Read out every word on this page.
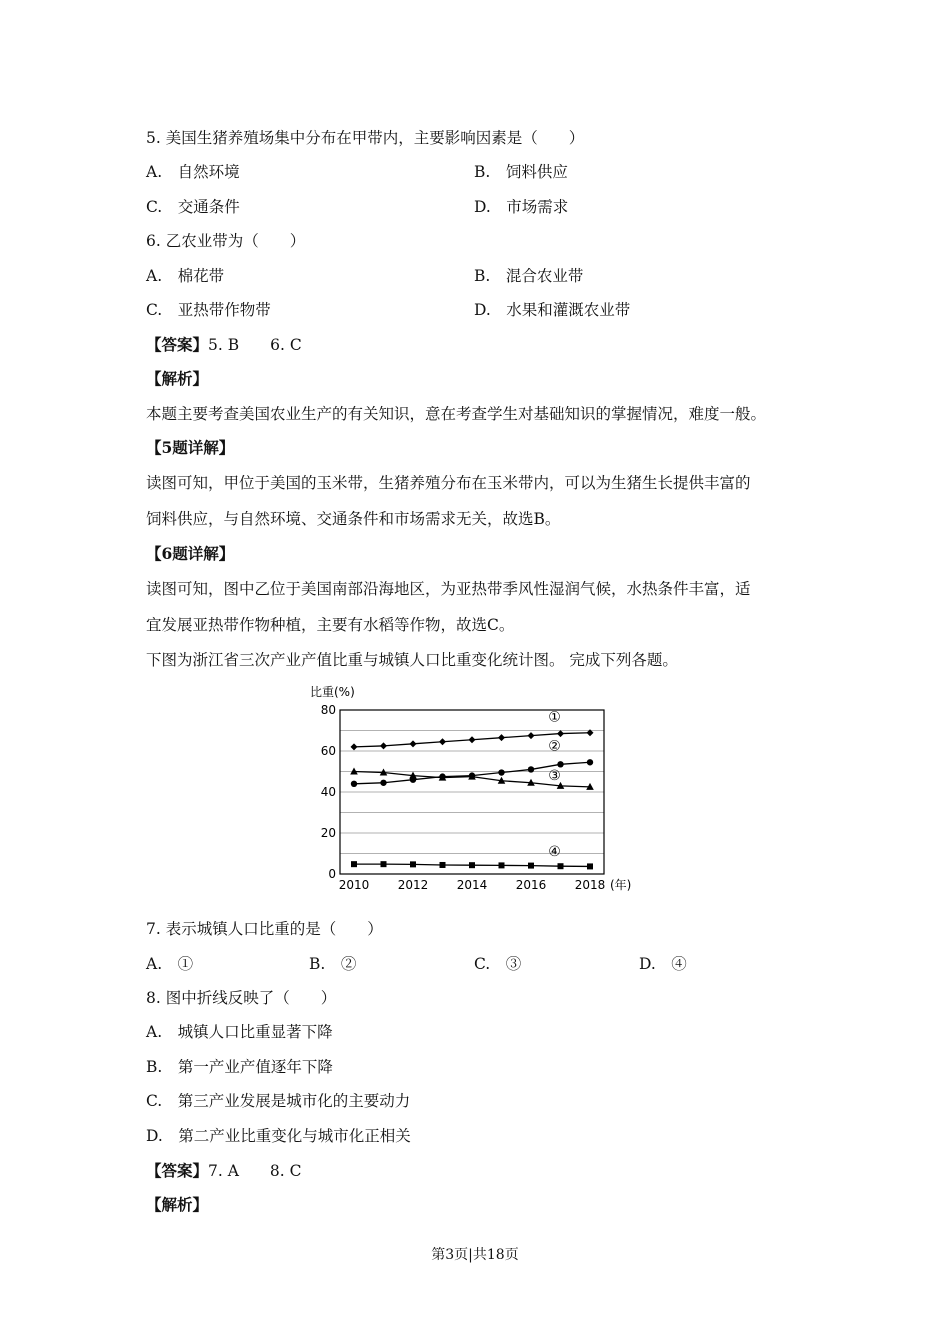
5. 美国生猪养殖场集中分布在甲带内，主要影响因素是（　　）
A.　自然环境	B.　饲料供应
C.　交通条件	D.　市场需求
6. 乙农业带为（　　）
A.　棉花带	B.　混合农业带
C.　亚热带作物带	D.　水果和灌溉农业带
【答案】5. B　　6. C
【解析】
本题主要考查美国农业生产的有关知识，意在考查学生对基础知识的掌握情况，难度一般。
【5题详解】
读图可知，甲位于美国的玉米带，生猪养殖分布在玉米带内，可以为生猪生长提供丰富的
饲料供应，与自然环境、交通条件和市场需求无关，故选B。
【6题详解】
读图可知，图中乙位于美国南部沿海地区，为亚热带季风性湿润气候，水热条件丰富，适
宜发展亚热带作物种植，主要有水稻等作物，故选C。
下图为浙江省三次产业产值比重与城镇人口比重变化统计图。 完成下列各题。
比重(%)
(年)
0
20
40
60
80
2010 2012 2014 2016 2018
①
②
③
④
7. 表示城镇人口比重的是（　　）
A.　①	B.　②	C.　③	D.　④
8. 图中折线反映了（　　）
A.　城镇人口比重显著下降
B.　第一产业产值逐年下降
C.　第三产业发展是城市化的主要动力
D.　第二产业比重变化与城市化正相关
【答案】7. A　　8. C
【解析】
第3页|共18页
